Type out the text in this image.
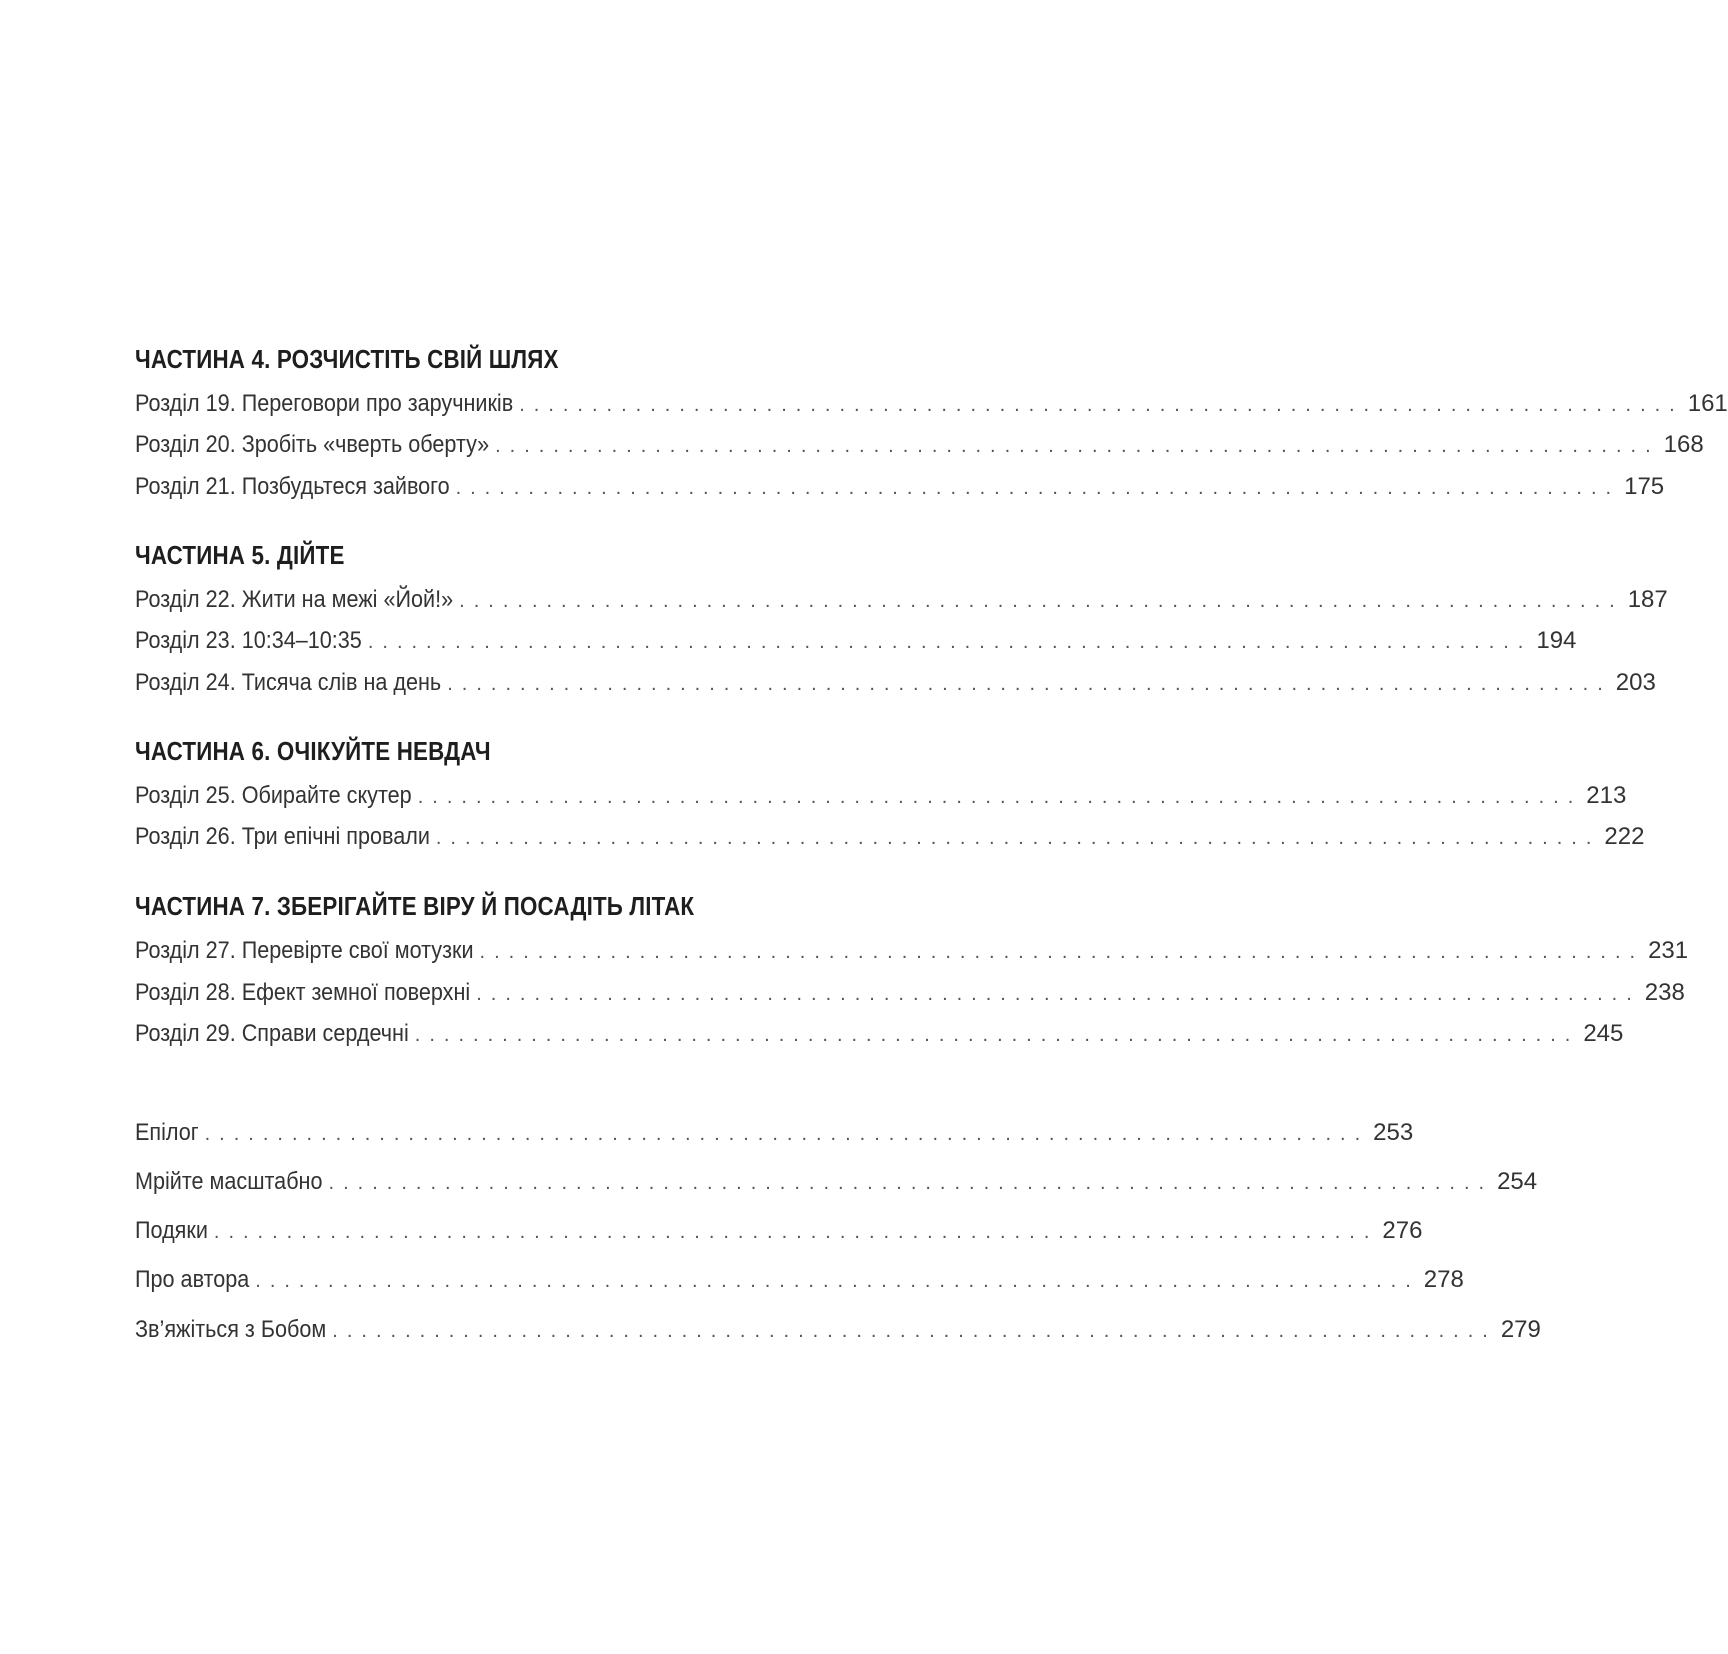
ЧАСТИНА 4. РОЗЧИСТІТЬ СВІЙ ШЛЯХ
Розділ 19. Переговори про заручників ................................................................................ 161
Розділ 20. Зробіть «чверть оберту» ................................................................................ 168
Розділ 21. Позбудьтеся зайвого ................................................................................ 175
ЧАСТИНА 5. ДІЙТЕ
Розділ 22. Жити на межі «Йой!» ................................................................................ 187
Розділ 23. 10:34–10:35 ................................................................................ 194
Розділ 24. Тисяча слів на день ................................................................................ 203
ЧАСТИНА 6. ОЧІКУЙТЕ НЕВДАЧ
Розділ 25. Обирайте скутер ................................................................................ 213
Розділ 26. Три епічні провали ................................................................................ 222
ЧАСТИНА 7. ЗБЕРІГАЙТЕ ВІРУ Й ПОСАДІТЬ ЛІТАК
Розділ 27. Перевірте свої мотузки ................................................................................ 231
Розділ 28. Ефект земної поверхні ................................................................................ 238
Розділ 29. Справи сердечні ................................................................................ 245
Епілог ................................................................................ 253
Мрійте масштабно ................................................................................ 254
Подяки ................................................................................ 276
Про автора ................................................................................ 278
Зв’яжіться з Бобом ................................................................................ 279
